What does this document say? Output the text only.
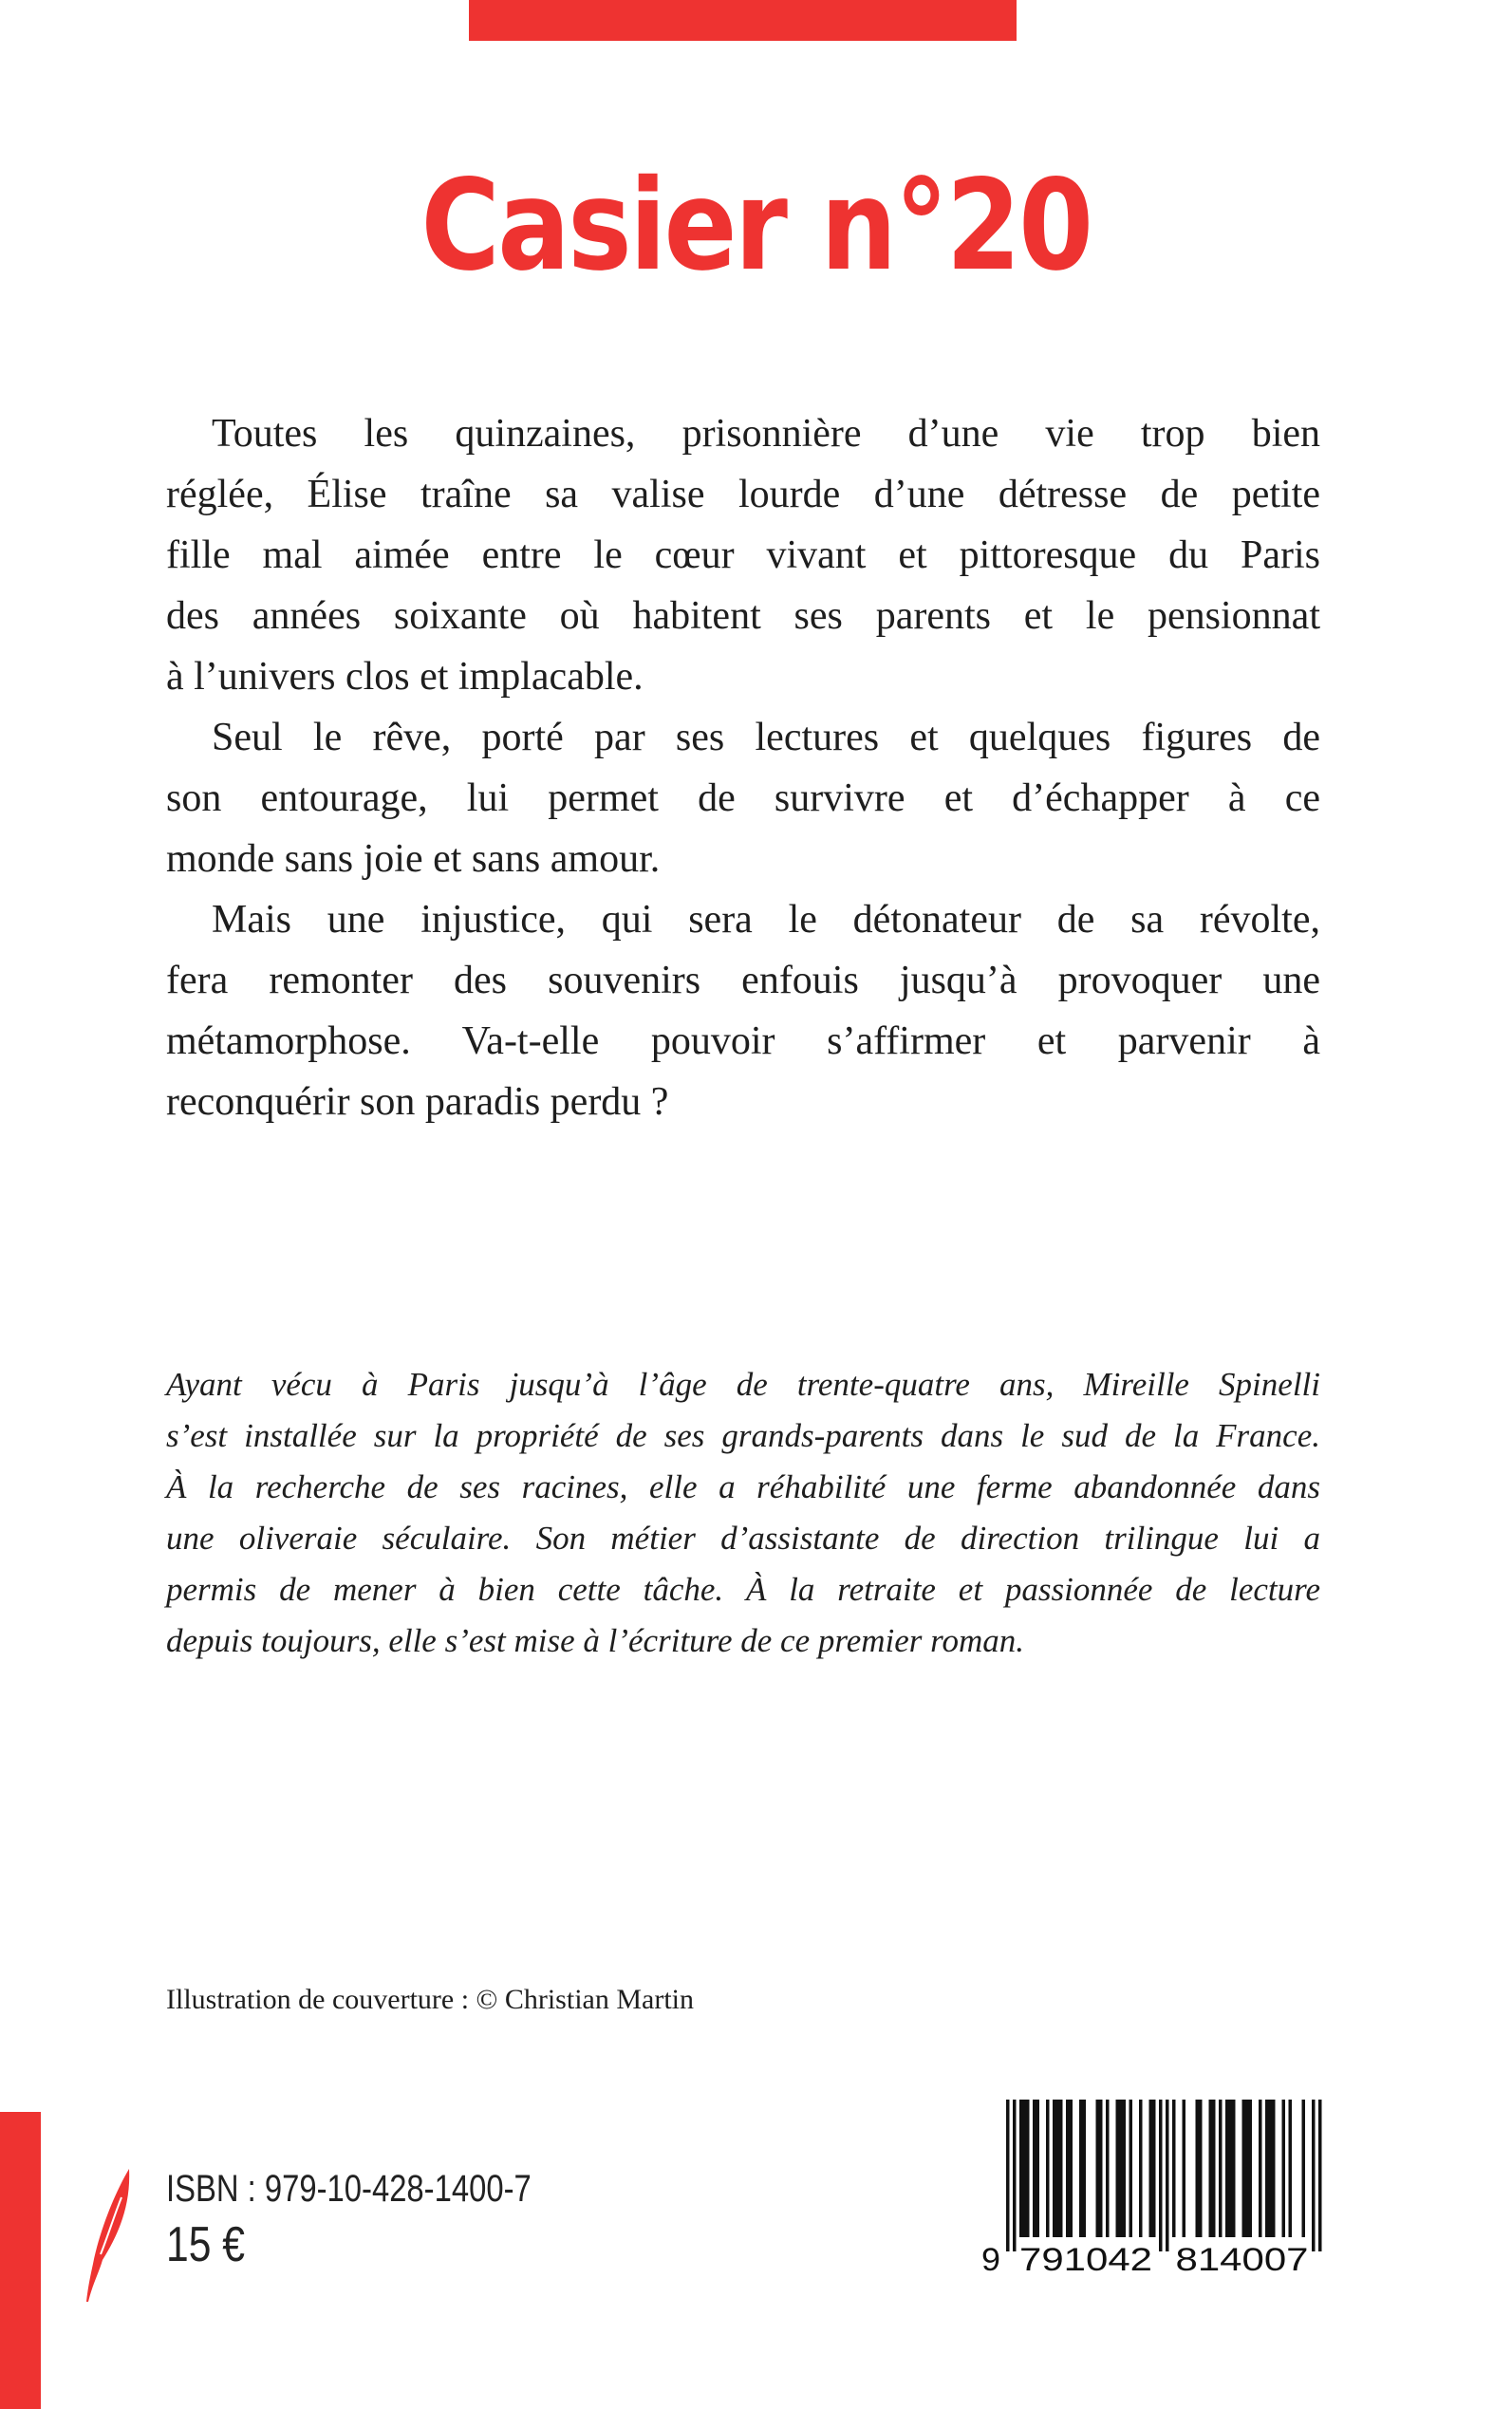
Casier n°20
Toutes les quinzaines, prisonnière d’une vie trop bien
réglée, Élise traîne sa valise lourde d’une détresse de petite
fille mal aimée entre le cœur vivant et pittoresque du Paris
des années soixante où habitent ses parents et le pensionnat
à l’univers clos et implacable.
Seul le rêve, porté par ses lectures et quelques figures de
son entourage, lui permet de survivre et d’échapper à ce
monde sans joie et sans amour.
Mais une injustice, qui sera le détonateur de sa révolte,
fera remonter des souvenirs enfouis jusqu’à provoquer une
métamorphose. Va-t-elle pouvoir s’affirmer et parvenir à
reconquérir son paradis perdu ?
Ayant vécu à Paris jusqu’à l’âge de trente-quatre ans, Mireille Spinelli
s’est installée sur la propriété de ses grands-parents dans le sud de la France.
À la recherche de ses racines, elle a réhabilité une ferme abandonnée dans
une oliveraie séculaire. Son métier d’assistante de direction trilingue lui a
permis de mener à bien cette tâche. À la retraite et passionnée de lecture
depuis toujours, elle s’est mise à l’écriture de ce premier roman.
Illustration de couverture : © Christian Martin
ISBN : 979-10-428-1400-7
15 €	9 791042 814007
